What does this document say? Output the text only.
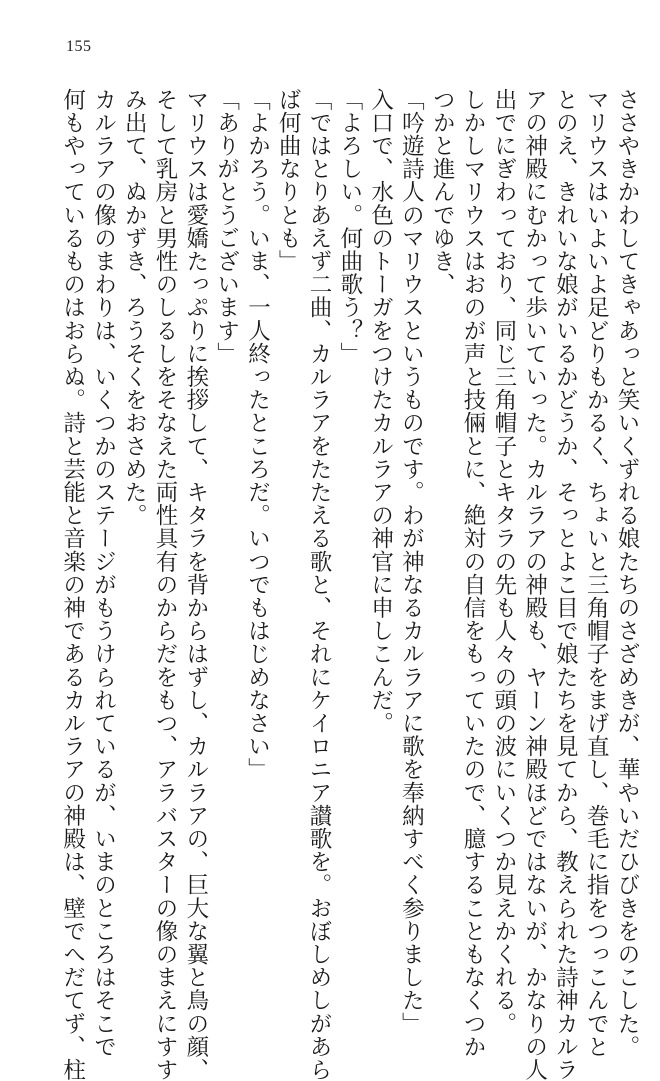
155

ささやきかわしてきゃあっと笑いくずれる娘たちのさざめきが、華やいだひびきをのこした。

マリウスはいよいよ足どりもかるく、ちょいと三角帽子をまげ直し、巻毛に指をつっこんでと

とのえ、きれいな娘がいるかどうか、そっとよこ目で娘たちを見てから、教えられた詩神カルラ

アの神殿にむかって歩いていった。カルラアの神殿も、ヤーン神殿ほどではないが、かなりの人

出でにぎわっており、同じ三角帽子とキタラの先も人々の頭の波にいくつか見えかくれる。

しかしマリウスはおのが声と技倆とに、絶対の自信をもっていたので、臆することもなくつか

つかと進んでゆき、

「吟遊詩人のマリウスというものです。わが神なるカルラアに歌を奉納すべく参りました」

入口で、水色のトーガをつけたカルラアの神官に申しこんだ。

「よろしい。何曲歌う？」

「ではとりあえず二曲、カルラアをたたえる歌と、それにケイロニア讃歌を。おぼしめしがあら

ば何曲なりとも」

「よかろう。いま、一人終ったところだ。いつでもはじめなさい」

「ありがとうございます」

マリウスは愛嬌たっぷりに挨拶して、キタラを背からはずし、カルラアの、巨大な翼と鳥の顔、

そして乳房と男性のしるしをそなえた両性具有のからだをもつ、アラバスターの像のまえにすす

み出て、ぬかずき、ろうそくをおさめた。

カルラアの像のまわりは、いくつかのステージがもうけられているが、いまのところはそこで

何もやっているものはおらぬ。詩と芸能と音楽の神であるカルラアの神殿は、壁でへだてず、柱
